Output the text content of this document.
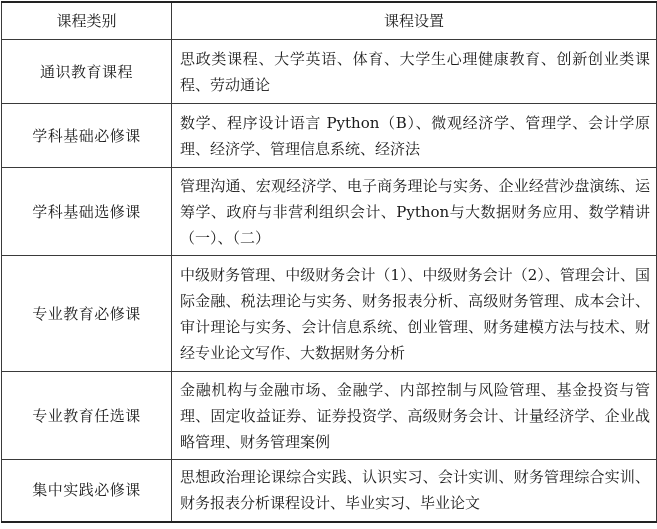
课程类别	课程设置
通识教育课程	思政类课程、大学英语、体育、大学生心理健康教育、创新创业类课程、劳动通论
学科基础必修课	数学、程序设计语言 Python（B）、微观经济学、管理学、会计学原理、经济学、管理信息系统、经济法
学科基础选修课	管理沟通、宏观经济学、电子商务理论与实务、企业经营沙盘演练、运筹学、政府与非营利组织会计、Python与大数据财务应用、数学精讲（一）、（二）
专业教育必修课	中级财务管理、中级财务会计（1）、中级财务会计（2）、管理会计、国际金融、税法理论与实务、财务报表分析、高级财务管理、成本会计、审计理论与实务、会计信息系统、创业管理、财务建模方法与技术、财经专业论文写作、大数据财务分析
专业教育任选课	金融机构与金融市场、金融学、内部控制与风险管理、基金投资与管理、固定收益证券、证券投资学、高级财务会计、计量经济学、企业战略管理、财务管理案例
集中实践必修课	思想政治理论课综合实践、认识实习、会计实训、财务管理综合实训、财务报表分析课程设计、毕业实习、毕业论文
